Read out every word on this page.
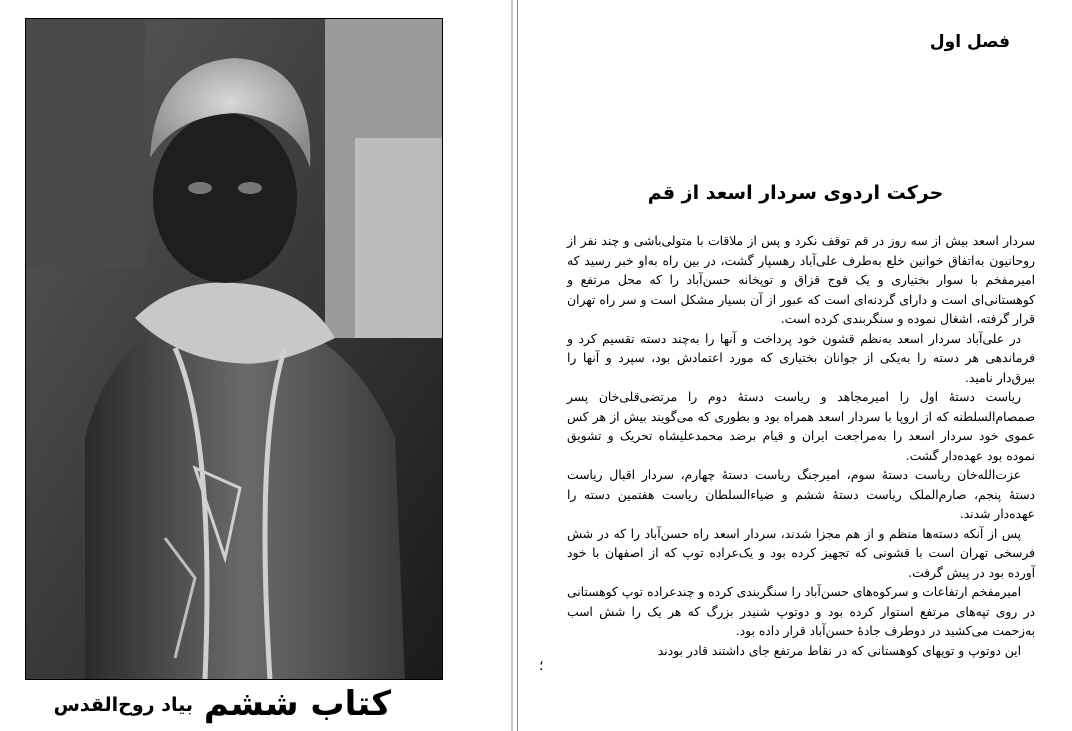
کتاب ششم
بیاد روح‌القدس
فصل اول
حرکت اردوی سردار اسعد از قم

سردار اسعد بیش از سه روز در قم توقف نکرد و پس از ملاقات با متولی‌باشی و چند نفر از روحانیون به‌اتفاق خوانین خلع به‌طرف علی‌آباد رهسپار گشت، در بین راه به‌او خبر رسید که امیرمفخم با سوار بختیاری و یک فوج قزاق و توپخانه حسن‌آباد را که محل مرتفع و کوهستانی‌ای است و دارای گردنه‌ای است که عبور از آن بسیار مشکل است و سر راه تهران قرار گرفته، اشغال نموده و سنگربندی کرده است.

در علی‌آباد سردار اسعد به‌نظم قشون خود پرداخت و آنها را به‌چند دسته تقسیم کرد و فرماندهی هر دسته را به‌یکی از جوانان بختیاری که مورد اعتمادش بود، سپرد و آنها را بیرق‌دار نامید.

ریاست دستهٔ اول را امیرمجاهد و ریاست دستهٔ دوم را مرتضی‌قلی‌خان پسر صمصام‌السلطنه که از اروپا با سردار اسعد همراه بود و بطوری که می‌گویند بیش از هر کس عموی خود سردار اسعد را به‌مراجعت ایران و قیام برضد محمدعلیشاه تحریک و تشویق نموده بود عهده‌دار گشت.

عزت‌الله‌خان ریاست دستهٔ سوم، امیرجنگ ریاست دستهٔ چهارم، سردار اقبال ریاست دستهٔ پنجم، صارم‌الملک ریاست دستهٔ ششم و ضیاءالسلطان ریاست هفتمین دسته را عهده‌دار شدند.

پس از آنکه دسته‌ها منظم و از هم مجزا شدند، سردار اسعد راه حسن‌آباد را که در شش فرسخی تهران است با قشونی که تجهیز کرده بود و یک‌عراده توپ که از اصفهان با خود آورده بود در پیش گرفت.

امیرمفخم ارتفاعات و سرکوه‌های حسن‌آباد را سنگربندی کرده و چندعراده توپ کوهستانی در روی تپه‌های مرتفع استوار کرده بود و دوتوپ شنیدر بزرگ که هر یک را شش اسب به‌زحمت می‌کشید در دوطرف جادهٔ حسن‌آباد قرار داده بود.

این دوتوپ و توپهای کوهستانی که در نقاط مرتفع جای داشتند قادر بودند

؛
